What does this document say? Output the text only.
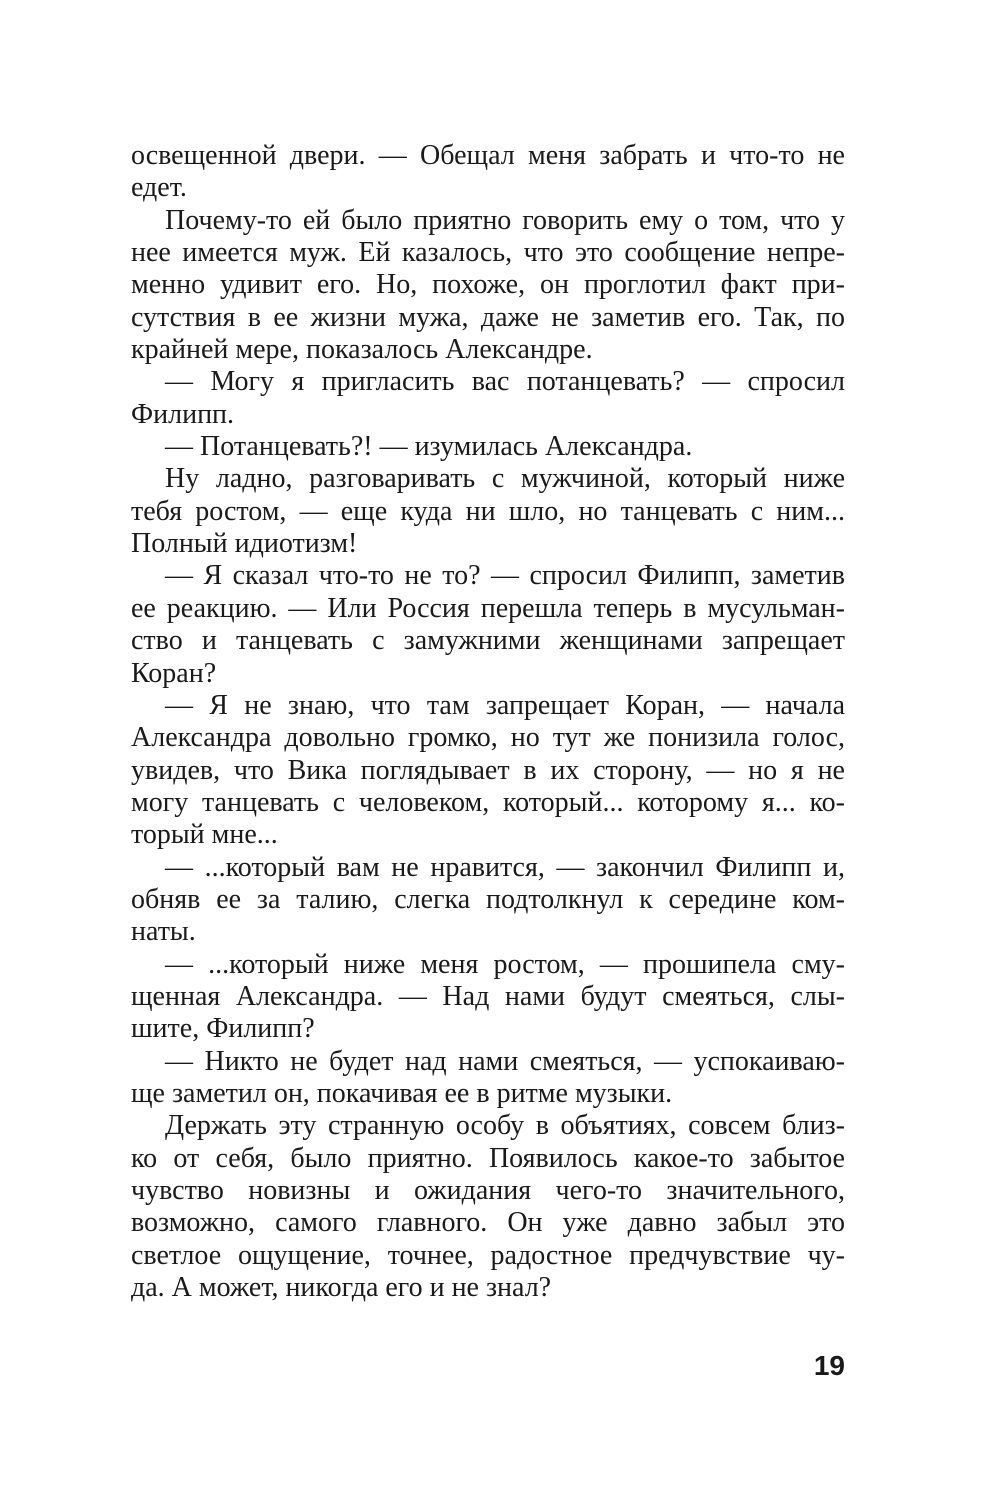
освещенной двери. — Обещал меня забрать и что-то не
едет.
Почему-то ей было приятно говорить ему о том, что у
нее имеется муж. Ей казалось, что это сообщение непре-
менно удивит его. Но, похоже, он проглотил факт при-
сутствия в ее жизни мужа, даже не заметив его. Так, по
крайней мере, показалось Александре.
— Могу я пригласить вас потанцевать? — спросил
Филипп.
— Потанцевать?! — изумилась Александра.
Ну ладно, разговаривать с мужчиной, который ниже
тебя ростом, — еще куда ни шло, но танцевать с ним...
Полный идиотизм!
— Я сказал что-то не то? — спросил Филипп, заметив
ее реакцию. — Или Россия перешла теперь в мусульман-
ство и танцевать с замужними женщинами запрещает
Коран?
— Я не знаю, что там запрещает Коран, — начала
Александра довольно громко, но тут же понизила голос,
увидев, что Вика поглядывает в их сторону, — но я не
могу танцевать с человеком, который... которому я... ко-
торый мне...
— ...который вам не нравится, — закончил Филипп и,
обняв ее за талию, слегка подтолкнул к середине ком-
наты.
— ...который ниже меня ростом, — прошипела сму-
щенная Александра. — Над нами будут смеяться, слы-
шите, Филипп?
— Никто не будет над нами смеяться, — успокаиваю-
ще заметил он, покачивая ее в ритме музыки.
Держать эту странную особу в объятиях, совсем близ-
ко от себя, было приятно. Появилось какое-то забытое
чувство новизны и ожидания чего-то значительного,
возможно, самого главного. Он уже давно забыл это
светлое ощущение, точнее, радостное предчувствие чу-
да. А может, никогда его и не знал?
19
